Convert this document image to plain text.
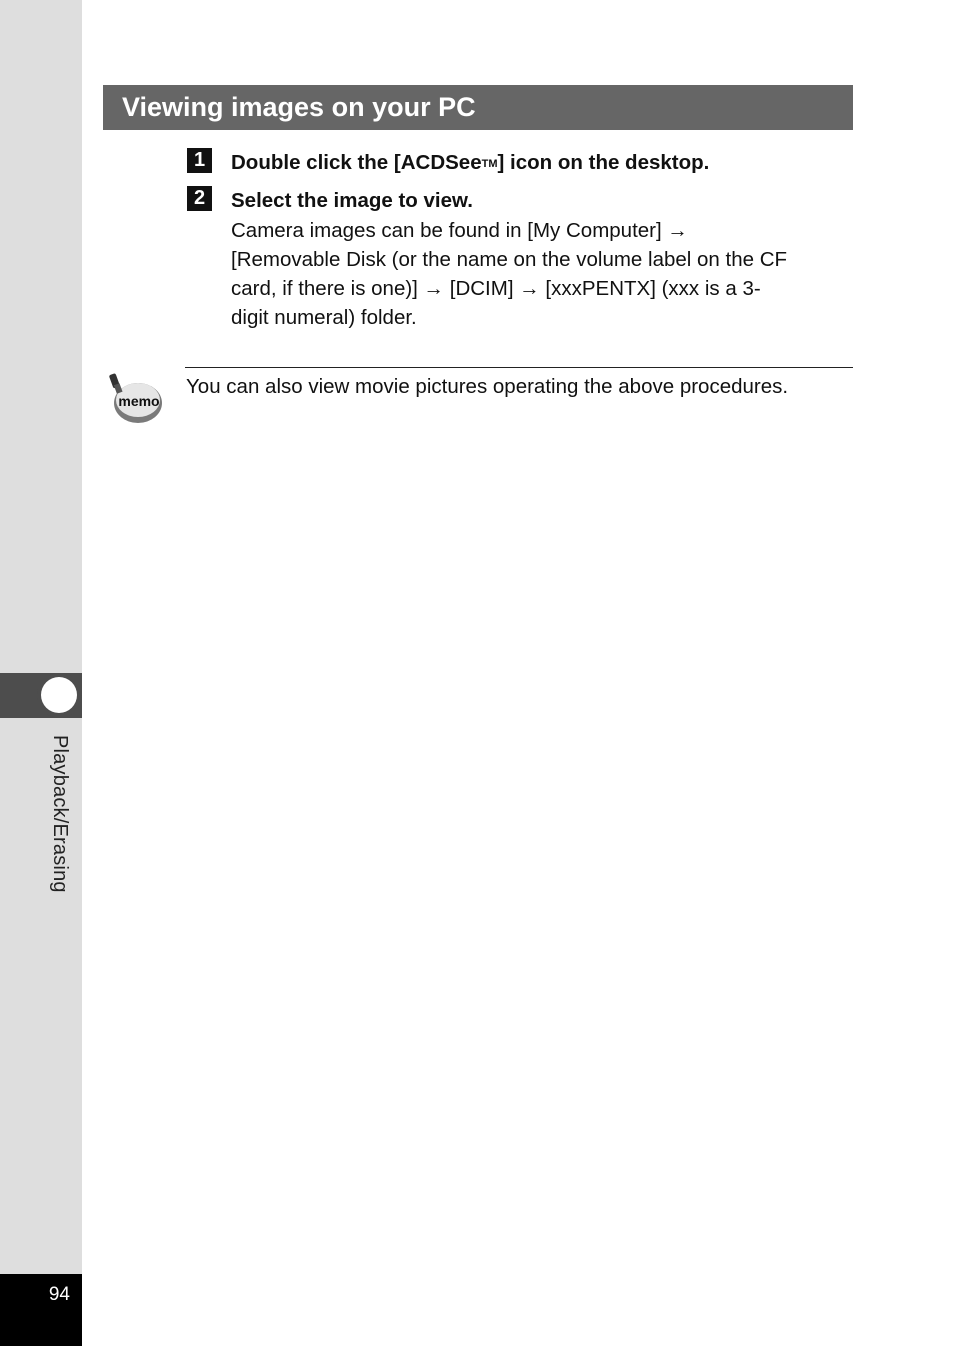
Playback/Erasing
94
Viewing images on your PC
1	Double click the [ACDSee™] icon on the desktop.
2	Select the image to view.
Camera images can be found in [My Computer] →
[Removable Disk (or the name on the volume label on the CF
card, if there is one)] → [DCIM] → [xxxPENTX] (xxx is a 3-
digit numeral) folder.
memo
You can also view movie pictures operating the above procedures.
